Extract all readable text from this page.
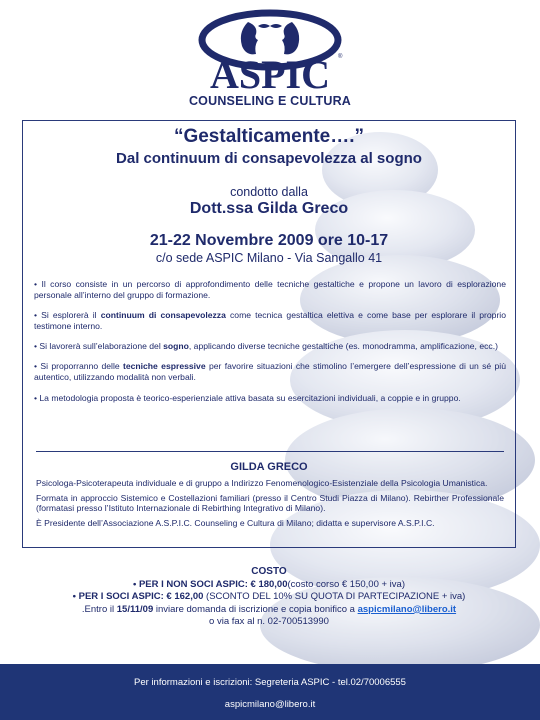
ASPIC ®
COUNSELING E CULTURA
“Gestalticamente….”
Dal continuum di consapevolezza al sogno
condotto dalla
Dott.ssa Gilda Greco
21-22 Novembre 2009 ore 10-17
c/o sede ASPIC Milano - Via Sangallo 41

• Il corso consiste in un percorso di approfondimento delle tecniche gestaltiche e propone un lavoro di esplorazione personale all’interno del gruppo di formazione.

• Si esplorerà il continuum di consapevolezza come tecnica gestaltica elettiva e come base per esplorare il proprio testimone interno.

• Si lavorerà sull’elaborazione del sogno, applicando diverse tecniche gestaltiche (es. monodramma, amplificazione, ecc.)

• Si proporranno delle tecniche espressive per favorire situazioni che stimolino l’emergere dell’espressione di un sé più autentico, utilizzando modalità non verbali.

• La metodologia proposta è teorico-esperienziale attiva basata su esercitazioni individuali, a coppie e in gruppo.

GILDA GRECO

Psicologa-Psicoterapeuta individuale e di gruppo a Indirizzo Fenomenologico-Esistenziale della Psicologia Umanistica.

Formata in approccio Sistemico e Costellazioni familiari (presso il Centro Studi Piazza di Milano). Rebirther Professionale (formatasi presso l’Istituto Internazionale di Rebirthing Integrativo di Milano).

È Presidente dell’Associazione A.S.P.I.C. Counseling e Cultura di Milano; didatta e supervisore A.S.P.I.C.

COSTO
• PER I NON SOCI ASPIC: € 180,00(costo corso € 150,00 + iva)
• PER I SOCI ASPIC: € 162,00 (SCONTO DEL 10% SU QUOTA DI PARTECIPAZIONE + iva)
.Entro il 15/11/09 inviare domanda di iscrizione e copia bonifico a aspicmilano@libero.it
o via fax al n. 02-700513990
Per informazioni e iscrizioni: Segreteria ASPIC - tel.02/70006555
aspicmilano@libero.it
